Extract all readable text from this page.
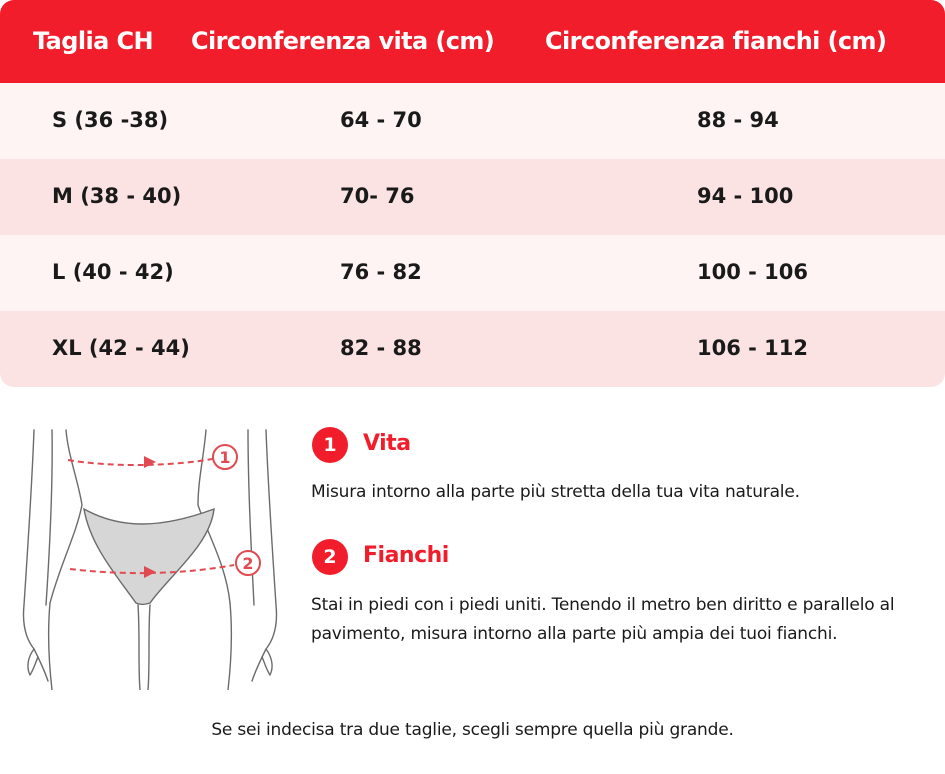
Taglia CH Circonferenza vita (cm) Circonferenza fianchi (cm)
S (36 -38)	64 - 70	88 - 94
M (38 - 40)	70- 76	94 - 100
L (40 - 42)	76 - 82	100 - 106
XL (42 - 44)	82 - 88	106 - 112
1
2
1	Vita
Misura intorno alla parte più stretta della tua vita naturale.
2	Fianchi
Stai in piedi con i piedi uniti. Tenendo il metro ben diritto e parallelo al pavimento, misura intorno alla parte più ampia dei tuoi fianchi.
Se sei indecisa tra due taglie, scegli sempre quella più grande.
